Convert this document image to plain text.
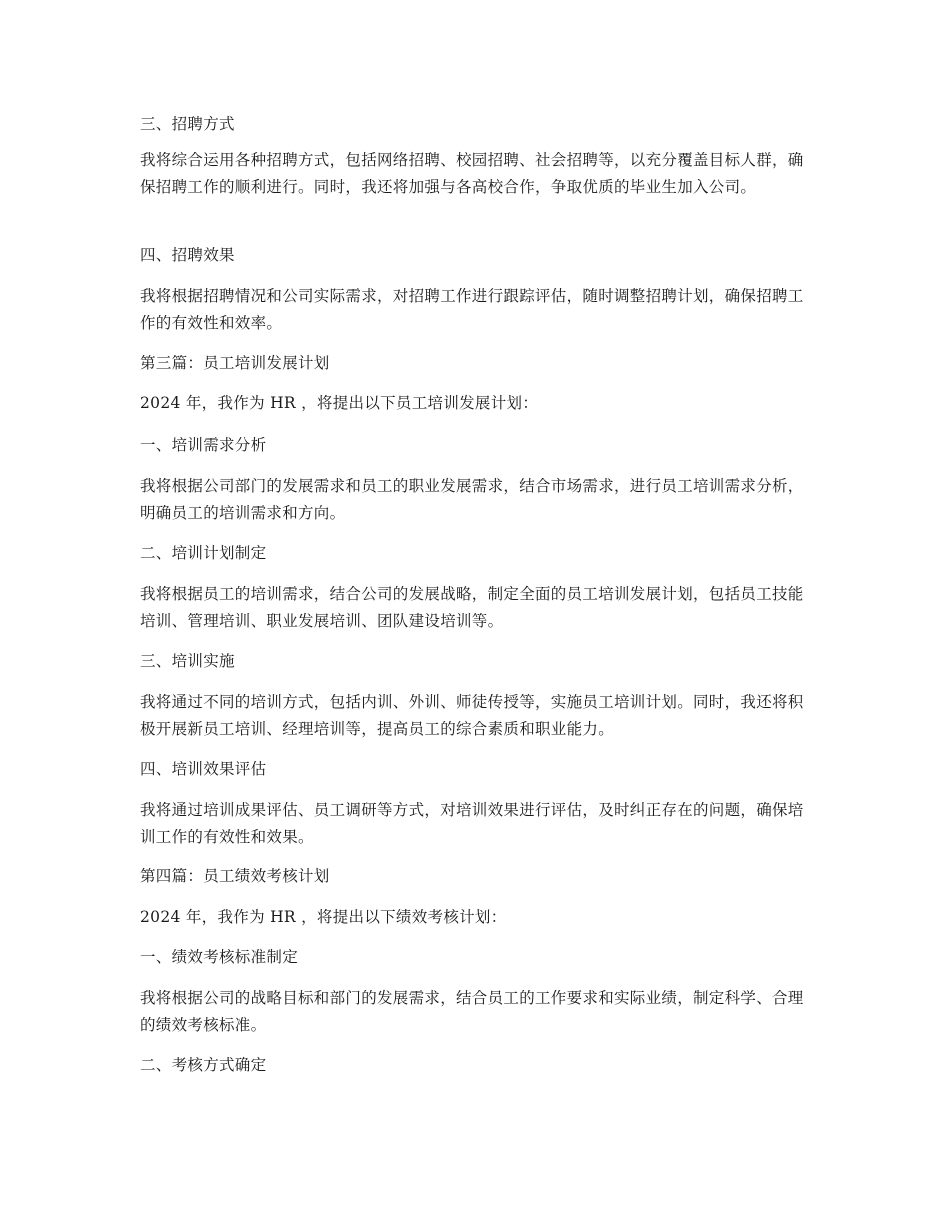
三、招聘方式

我将综合运用各种招聘方式，包括网络招聘、校园招聘、社会招聘等，以充分覆盖目标人群，确保招聘工作的顺利进行。同时，我还将加强与各高校合作，争取优质的毕业生加入公司。

四、招聘效果

我将根据招聘情况和公司实际需求，对招聘工作进行跟踪评估，随时调整招聘计划，确保招聘工作的有效性和效率。

第三篇：员工培训发展计划

2024 年，我作为 HR ，将提出以下员工培训发展计划：

一、培训需求分析

我将根据公司部门的发展需求和员工的职业发展需求，结合市场需求，进行员工培训需求分析，明确员工的培训需求和方向。

二、培训计划制定

我将根据员工的培训需求，结合公司的发展战略，制定全面的员工培训发展计划，包括员工技能培训、管理培训、职业发展培训、团队建设培训等。

三、培训实施

我将通过不同的培训方式，包括内训、外训、师徒传授等，实施员工培训计划。同时，我还将积极开展新员工培训、经理培训等，提高员工的综合素质和职业能力。

四、培训效果评估

我将通过培训成果评估、员工调研等方式，对培训效果进行评估，及时纠正存在的问题，确保培训工作的有效性和效果。

第四篇：员工绩效考核计划

2024 年，我作为 HR ，将提出以下绩效考核计划：

一、绩效考核标准制定

我将根据公司的战略目标和部门的发展需求，结合员工的工作要求和实际业绩，制定科学、合理的绩效考核标准。

二、考核方式确定
